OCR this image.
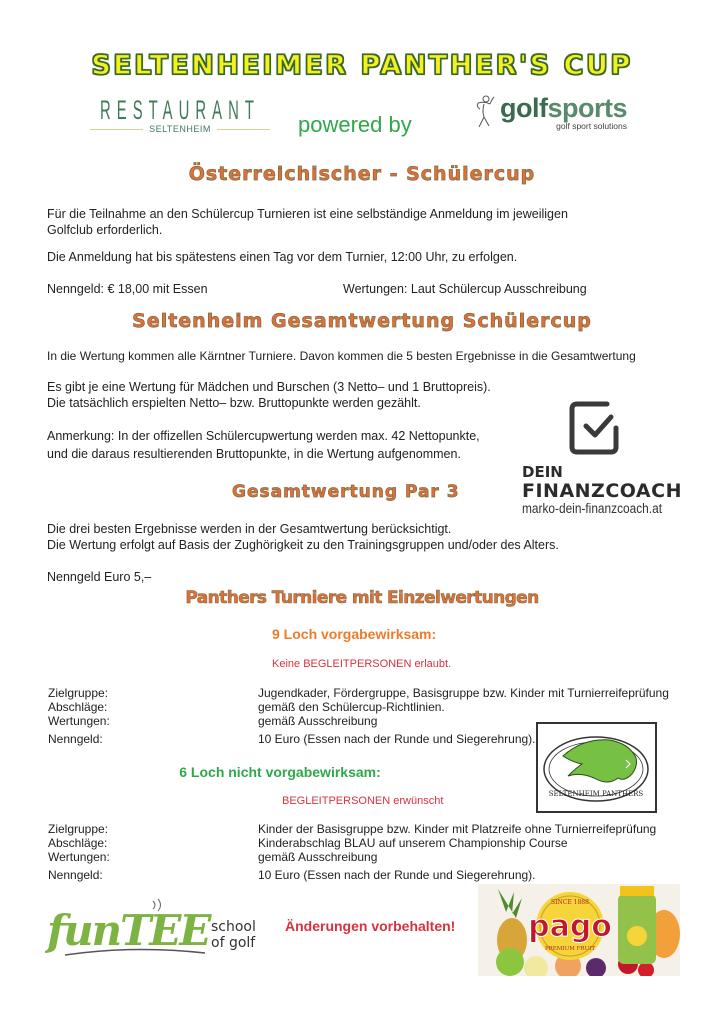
SELTENHEIMER PANTHER'S CUP
RESTAURANT
SELTENHEIM	powered by
golfsports
golf sport solutions
Österreichischer - Schülercup
Für die Teilnahme an den Schülercup Turnieren ist eine selbständige Anmeldung im jeweiligen
Golfclub erforderlich.
Die Anmeldung hat bis spätestens einen Tag vor dem Turnier, 12:00 Uhr, zu erfolgen.
Nenngeld: € 18,00 mit Essen	Wertungen: Laut Schülercup Ausschreibung
Seltenheim Gesamtwertung Schülercup
In die Wertung kommen alle Kärntner Turniere. Davon kommen die 5 besten Ergebnisse in die Gesamtwertung
Es gibt je eine Wertung für Mädchen und Burschen (3 Netto– und 1 Bruttopreis).
Die tatsächlich erspielten Netto– bzw. Bruttopunkte werden gezählt.
Anmerkung: In der offizellen Schülercupwertung werden max. 42 Nettopunkte,
und die daraus resultierenden Bruttopunkte, in die Wertung aufgenommen.
DEIN
FINANZCOACH
marko-dein-finanzcoach.at
Gesamtwertung Par 3
Die drei besten Ergebnisse werden in der Gesamtwertung berücksichtigt.
Die Wertung erfolgt auf Basis der Zughörigkeit zu den Trainingsgruppen und/oder des Alters.
Nenngeld Euro 5,–
Panthers Turniere mit Einzelwertungen
9 Loch vorgabewirksam:
Keine BEGLEITPERSONEN erlaubt.
Zielgruppe:
Abschläge:
Wertungen:
Nenngeld:
Jugendkader, Fördergruppe, Basisgruppe bzw. Kinder mit Turnierreifeprüfung
gemäß den Schülercup-Richtlinien.
gemäß Ausschreibung
10 Euro (Essen nach der Runde und Siegerehrung).
SELTENHEIM PANTHERS
6 Loch nicht vorgabewirksam:
BEGLEITPERSONEN erwünscht
Zielgruppe:
Abschläge:
Wertungen:
Nenngeld:
Kinder der Basisgruppe bzw. Kinder mit Platzreife ohne Turnierreifeprüfung
Kinderabschlag BLAU auf unserem Championship Course
gemäß Ausschreibung
10 Euro (Essen nach der Runde und Siegerehrung).
funTEE school
of golf
Änderungen vorbehalten!
SINCE 1888
pago
PREMIUM FRUIT
